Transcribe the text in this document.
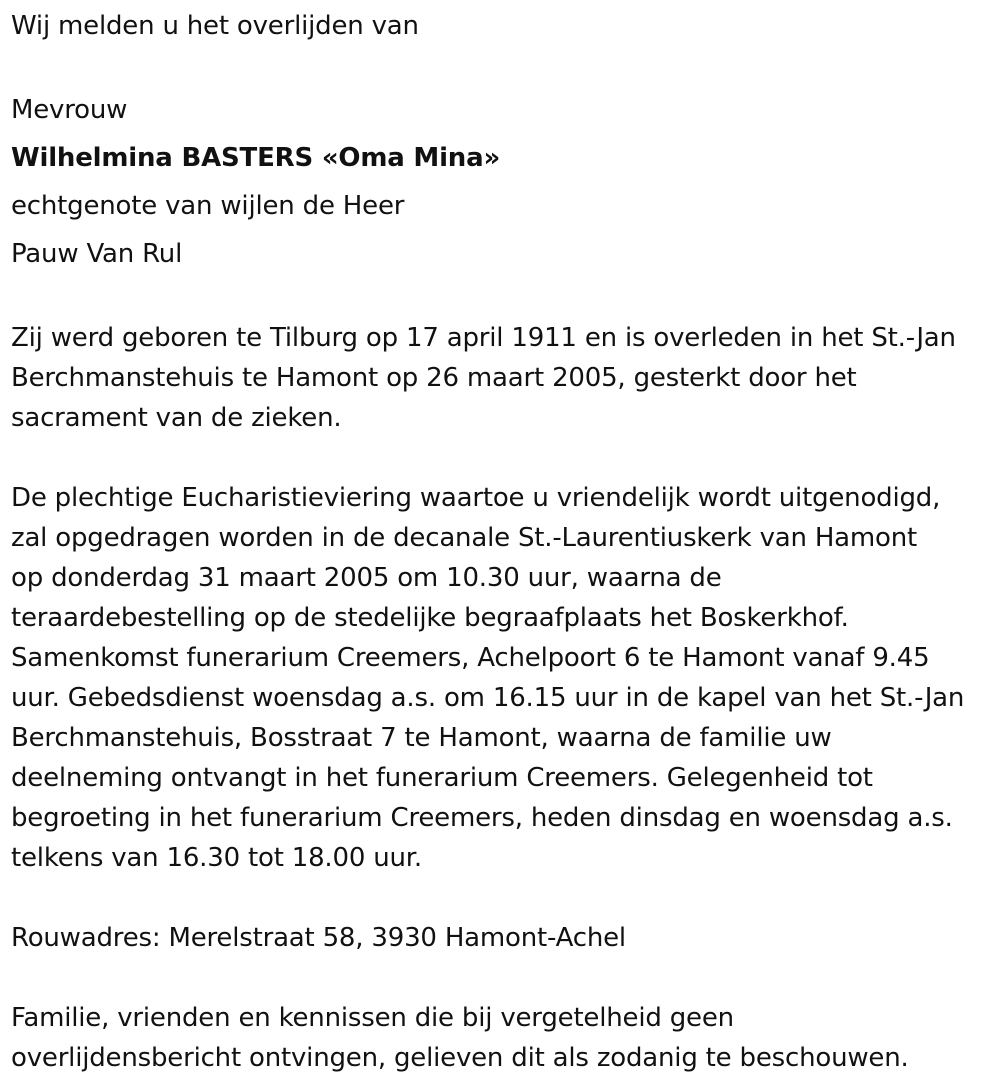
Wij melden u het overlijden van
Mevrouw
Wilhelmina BASTERS «Oma Mina»
echtgenote van wijlen de Heer
Pauw Van Rul
Zij werd geboren te Tilburg op 17 april 1911 en is overleden in het St.-Jan
Berchmanstehuis te Hamont op 26 maart 2005, gesterkt door het
sacrament van de zieken.
De plechtige Eucharistieviering waartoe u vriendelijk wordt uitgenodigd,
zal opgedragen worden in de decanale St.-Laurentiuskerk van Hamont
op donderdag 31 maart 2005 om 10.30 uur, waarna de
teraardebestelling op de stedelijke begraafplaats het Boskerkhof.
Samenkomst funerarium Creemers, Achelpoort 6 te Hamont vanaf 9.45
uur. Gebedsdienst woensdag a.s. om 16.15 uur in de kapel van het St.-Jan
Berchmanstehuis, Bosstraat 7 te Hamont, waarna de familie uw
deelneming ontvangt in het funerarium Creemers. Gelegenheid tot
begroeting in het funerarium Creemers, heden dinsdag en woensdag a.s.
telkens van 16.30 tot 18.00 uur.
Rouwadres: Merelstraat 58, 3930 Hamont-Achel
Familie, vrienden en kennissen die bij vergetelheid geen
overlijdensbericht ontvingen, gelieven dit als zodanig te beschouwen.
